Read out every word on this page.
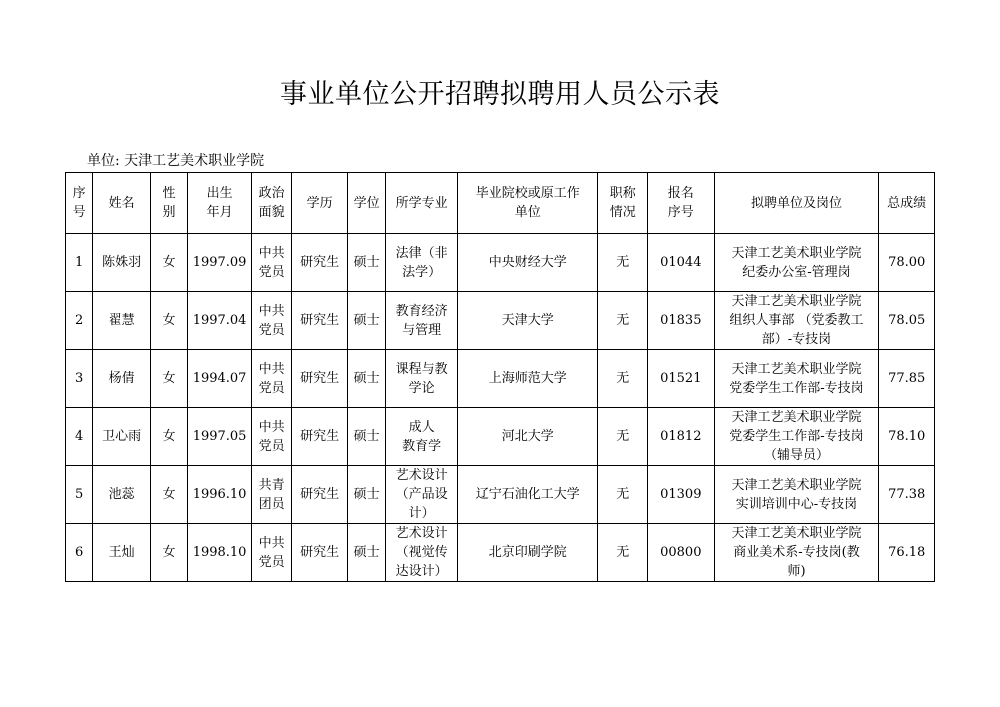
事业单位公开招聘拟聘用人员公示表
单位: 天津工艺美术职业学院
序
号	姓名	性
别	出生
年月	政治
面貌	学历	学位	所学专业	毕业院校或原工作
单位	职称
情况	报名
序号	拟聘单位及岗位	总成绩
1	陈姝羽	女	1997.09	中共
党员	研究生	硕士	法律（非
法学）	中央财经大学	无	01044	天津工艺美术职业学院
纪委办公室-管理岗	78.00
2	翟慧	女	1997.04	中共
党员	研究生	硕士	教育经济
与管理	天津大学	无	01835	天津工艺美术职业学院
组织人事部 （党委教工
部）-专技岗	78.05
3	杨倩	女	1994.07	中共
党员	研究生	硕士	课程与教
学论	上海师范大学	无	01521	天津工艺美术职业学院
党委学生工作部-专技岗	77.85
4	卫心雨	女	1997.05	中共
党员	研究生	硕士	成人
教育学	河北大学	无	01812	天津工艺美术职业学院
党委学生工作部-专技岗
（辅导员）	78.10
5	池蕊	女	1996.10	共青
团员	研究生	硕士	艺术设计
（产品设
计）	辽宁石油化工大学	无	01309	天津工艺美术职业学院
实训培训中心-专技岗	77.38
6	王灿	女	1998.10	中共
党员	研究生	硕士	艺术设计
（视觉传
达设计）	北京印刷学院	无	00800	天津工艺美术职业学院
商业美术系-专技岗(教
师)	76.18
